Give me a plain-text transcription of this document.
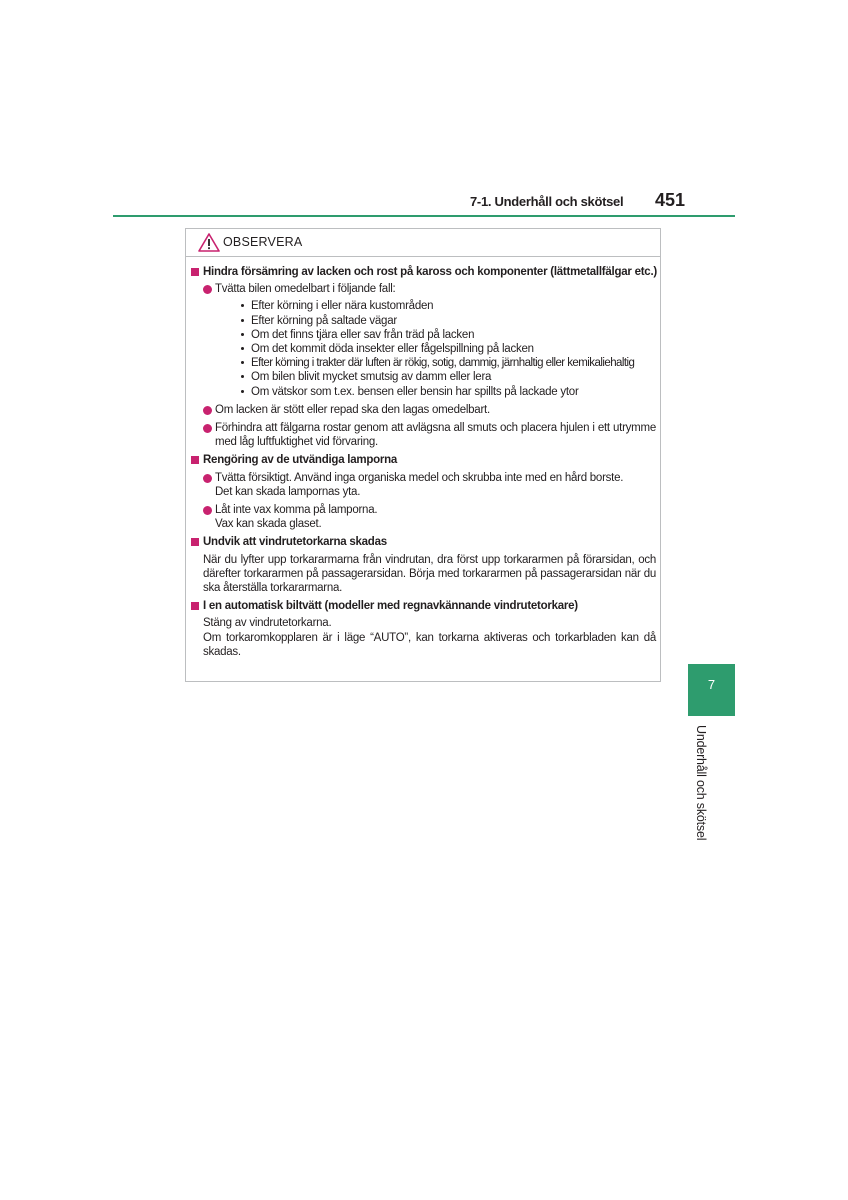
7-1. Underhåll och skötsel 451
OBSERVERA
Hindra försämring av lacken och rost på kaross och komponenter (lättmetallfälgar etc.)
Tvätta bilen omedelbart i följande fall:
Efter körning i eller nära kustområden
Efter körning på saltade vägar
Om det finns tjära eller sav från träd på lacken
Om det kommit döda insekter eller fågelspillning på lacken
Efter körning i trakter där luften är rökig, sotig, dammig, järnhaltig eller kemikaliehaltig
Om bilen blivit mycket smutsig av damm eller lera
Om vätskor som t.ex. bensen eller bensin har spillts på lackade ytor
Om lacken är stött eller repad ska den lagas omedelbart.
Förhindra att fälgarna rostar genom att avlägsna all smuts och placera hjulen i ett utrymme med låg luftfuktighet vid förvaring.
Rengöring av de utvändiga lamporna
Tvätta försiktigt. Använd inga organiska medel och skrubba inte med en hård borste.
Det kan skada lampornas yta.
Låt inte vax komma på lamporna.
Vax kan skada glaset.
Undvik att vindrutetorkarna skadas
När du lyfter upp torkararmarna från vindrutan, dra först upp torkararmen på förarsidan, och därefter torkararmen på passagerarsidan. Börja med torkararmen på passagerarsidan när du ska återställa torkararmarna.
I en automatisk biltvätt (modeller med regnavkännande vindrutetorkare)
Stäng av vindrutetorkarna.
Om torkaromkopplaren är i läge “AUTO”, kan torkarna aktiveras och torkarbladen kan då skadas.
7
Underhåll och skötsel
